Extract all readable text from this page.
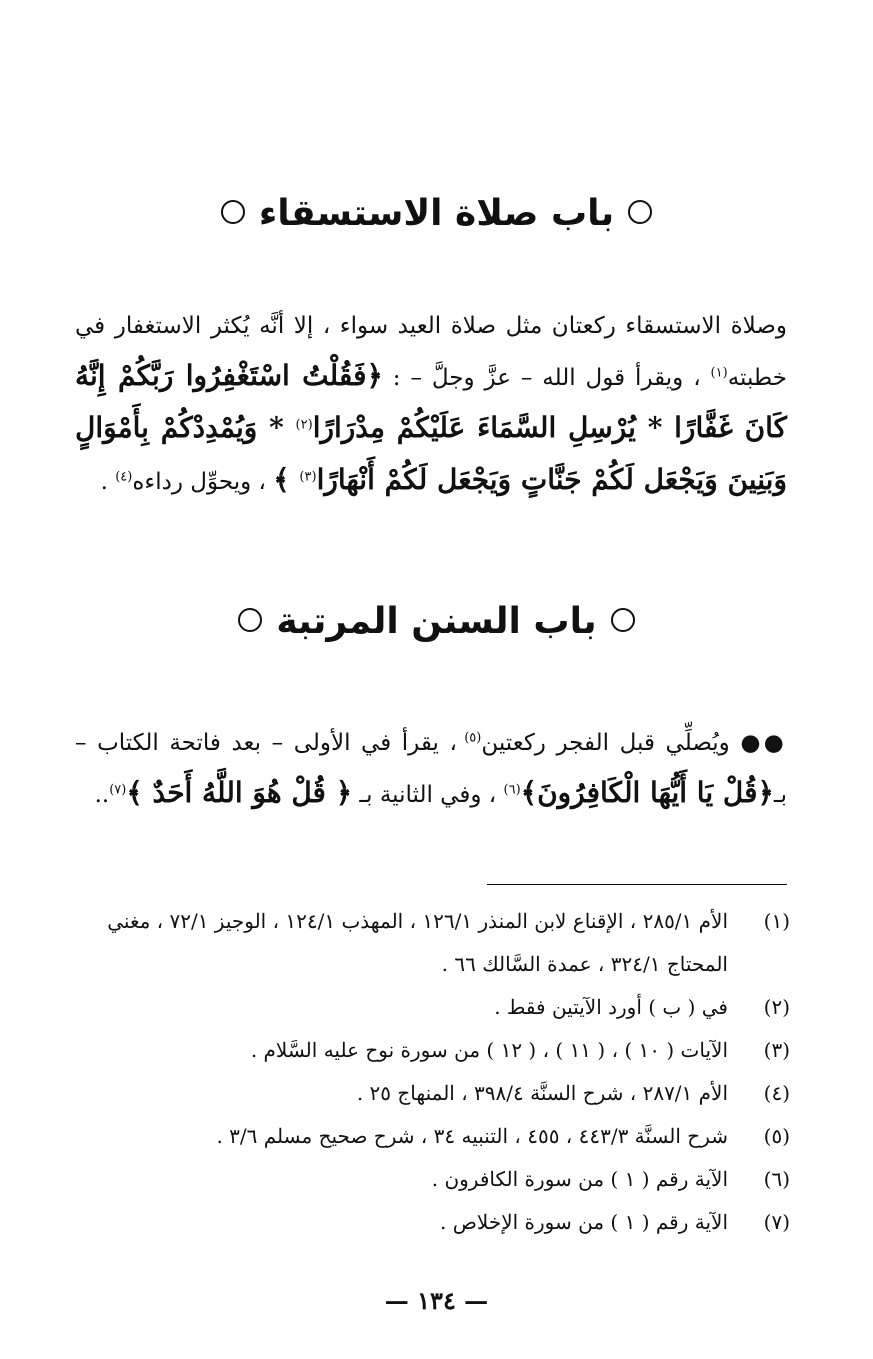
باب صلاة الاستسقاء

وصلاة الاستسقاء ركعتان مثل صلاة العيد سواء ، إلا أنَّه يُكثر الاستغفار في خطبته$^{(١)}$ ، ويقرأ قول الله – عزَّ وجلَّ – : ﴿فَقُلْتُ اسْتَغْفِرُوا رَبَّكُمْ إِنَّهُ كَانَ غَفَّارًا * يُرْسِلِ السَّمَاءَ عَلَيْكُمْ مِدْرَارًا$^{(٢)}$ * وَيُمْدِدْكُمْ بِأَمْوَالٍ وَبَنِينَ وَيَجْعَل لَكُمْ جَنَّاتٍ وَيَجْعَل لَكُمْ أَنْهَارًا$^{(٣)}$ ﴾ ، ويحوِّل رداءه$^{(٤)}$ .

باب السنن المرتبة

●● ويُصلِّي قبل الفجر ركعتين$^{(٥)}$ ، يقرأ في الأولى – بعد فاتحة الكتاب – بـ﴿قُلْ يَا أَيُّهَا الْكَافِرُونَ﴾$^{(٦)}$ ، وفي الثانية بـ ﴿ قُلْ هُوَ اللَّهُ أَحَدٌ ﴾$^{(٧)}$..

(١)
الأم ٢٨٥/١ ، الإقناع لابن المنذر ١٢٦/١ ، المهذب ١٢٤/١ ، الوجيز ٧٢/١ ، مغني المحتاج ٣٢٤/١ ، عمدة السَّالك ٦٦ .
(٢)
في ( ب ) أورد الآيتين فقط .
(٣)
الآيات ( ١٠ ) ، ( ١١ ) ، ( ١٢ ) من سورة نوح عليه السَّلام .
(٤)
الأم ٢٨٧/١ ، شرح السنَّة ٣٩٨/٤ ، المنهاج ٢٥ .
(٥)
شرح السنَّة ٤٤٣/٣ ، ٤٥٥ ، التنبيه ٣٤ ، شرح صحيح مسلم ٣/٦ .
(٦)
الآية رقم ( ١ ) من سورة الكافرون .
(٧)
الآية رقم ( ١ ) من سورة الإخلاص .
— ١٣٤ —
